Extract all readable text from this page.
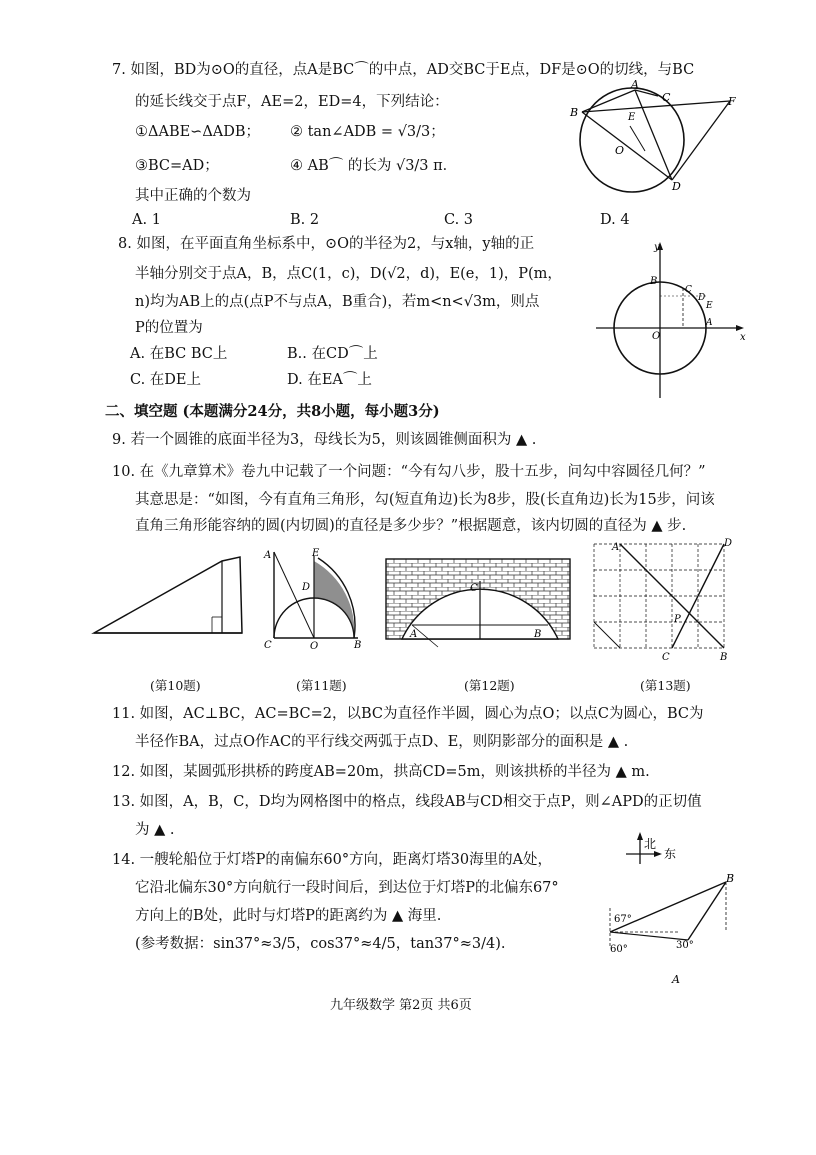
7. 如图，BD为⊙O的直径，点A是BC⌒的中点，AD交BC于E点，DF是⊙O的切线，与BC
的延长线交于点F，AE=2，ED=4，下列结论：
①ΔABE∽ΔADB； ② tan∠ADB = √3/3；
③BC=AD；	④ AB⌒ 的长为 √3/3 π．
其中正确的个数为
A. 1	B. 2	C. 3	D. 4
A
C	F
B	E
O
D
8. 如图，在平面直角坐标系中，⊙O的半径为2，与x轴，y轴的正
半轴分别交于点A，B，点C(1，c)，D(√2，d)，E(e，1)，P(m，
n)均为AB上的点(点P不与点A，B重合)，若m<n<√3m，则点
P的位置为
A. 在BC BC上	B.. 在CD⌒上
C. 在DE上	D. 在EA⌒上
y
B
C
D
E
A
O	x
二、填空题 (本题满分24分，共8小题，每小题3分)
9. 若一个圆锥的底面半径为3，母线长为5，则该圆锥侧面积为 ▲ .
10. 在《九章算术》卷九中记载了一个问题：“今有勾八步，股十五步，问勾中容圆径几何？”
其意思是：“如图，今有直角三角形，勾(短直角边)长为8步，股(长直角边)长为15步，问该
直角三角形能容纳的圆(内切圆)的直径是多少步？”根据题意，该内切圆的直径为 ▲ 步.
A	E
D
C	O	B
C
A	B
A	D
P
B
C
(第10题)	(第11题)	(第12题)	(第13题)
11. 如图，AC⊥BC，AC=BC=2，以BC为直径作半圆，圆心为点O；以点C为圆心，BC为
半径作BA，过点O作AC的平行线交两弧于点D、E，则阴影部分的面积是 ▲ .
12. 如图，某圆弧形拱桥的跨度AB=20m，拱高CD=5m，则该拱桥的半径为 ▲ m.
13. 如图，A，B，C，D均为网格图中的格点，线段AB与CD相交于点P，则∠APD的正切值
为 ▲ .
14. 一艘轮船位于灯塔P的南偏东60°方向，距离灯塔30海里的A处，
它沿北偏东30°方向航行一段时间后，到达位于灯塔P的北偏东67°
方向上的B处，此时与灯塔P的距离约为 ▲ 海里.
(参考数据：sin37°≈3/5，cos37°≈4/5，tan37°≈3/4).
北
东
B
67°
60°	30°
A
九年级数学 第2页 共6页
